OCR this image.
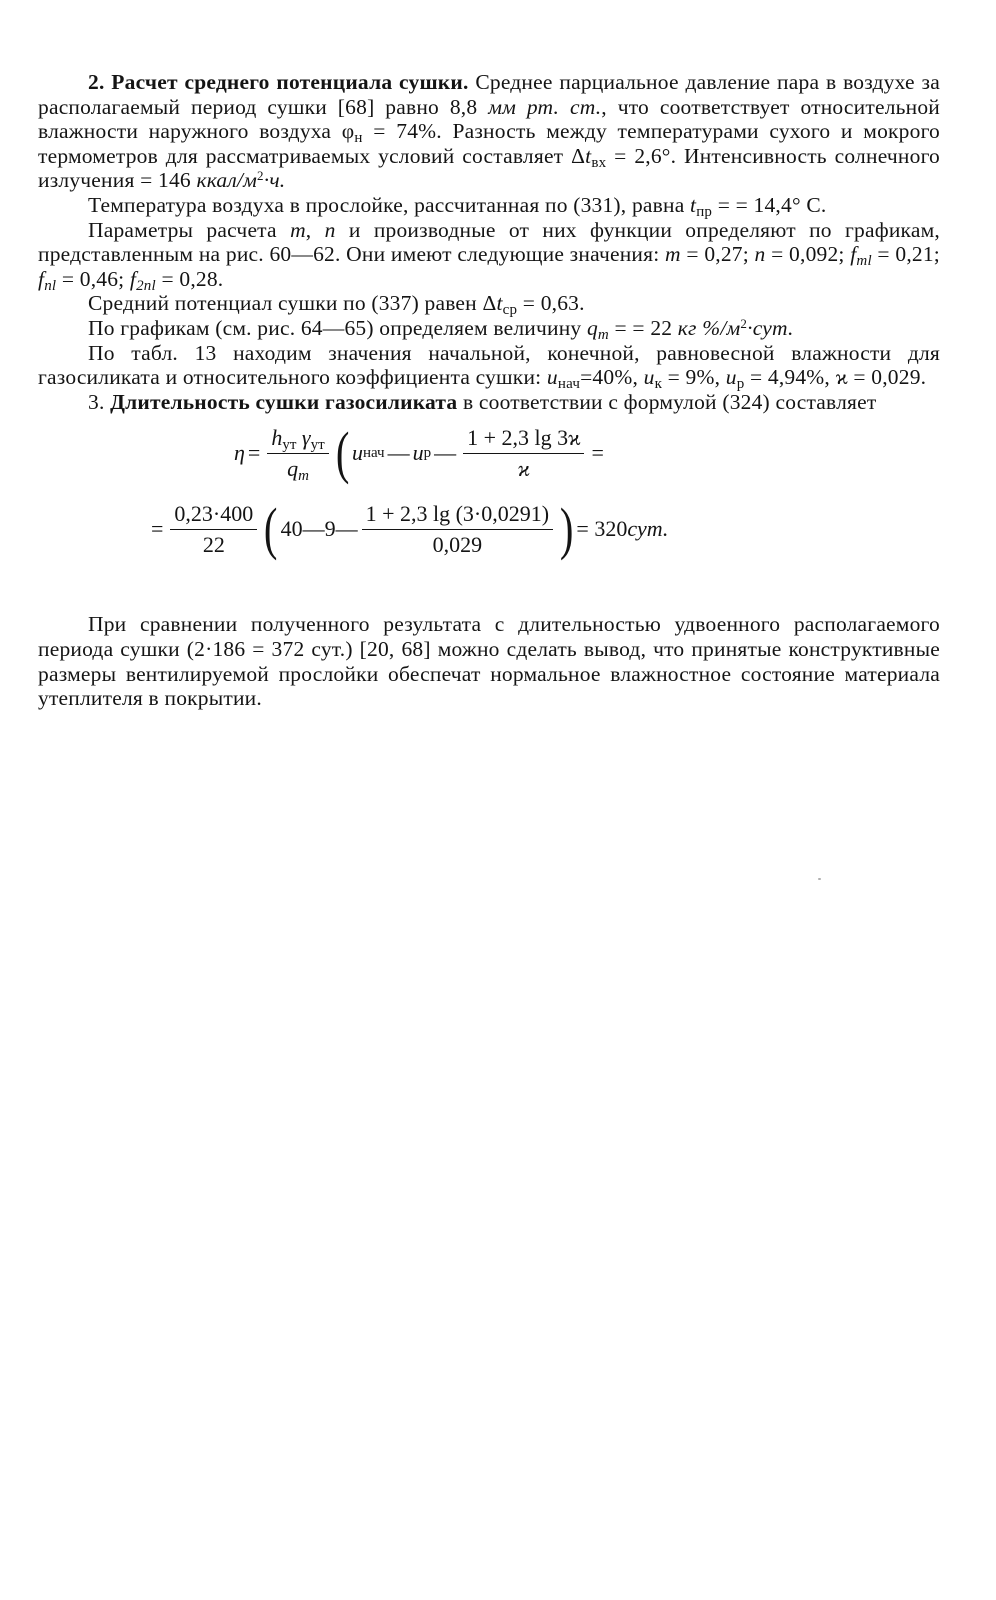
2. Расчет среднего потенциала сушки. Среднее парциальное давление пара в воздухе за располагаемый период сушки [68] равно 8,8 мм рт. ст., что соответствует относительной влажности наружного воздуха $\varphi_н = 74\%$. Разность между температурами сухого и мокрого термометров для рассматриваемых условий составляет $\Delta t_{вх} = 2,6^\circ$. Интенсивность солнечного излучения = 146 ккал/$м^2\cdot ч$.

Температура воздуха в прослойке, рассчитанная по (331), равна $t_{пр}$ = = 14,4° С.

Параметры расчета m, n и производные от них функции определяют по графикам, представленным на рис. 60—62. Они имеют следующие значения: m = 0,27; n = 0,092; $f_{ml} = 0,21$; $f_{nl} = 0,46$; $f_{2nl} = 0,28$.

Средний потенциал сушки по (337) равен $\Delta t_{ср} = 0,63$.

По графикам (см. рис. 64—65) определяем величину $q_m$ = = 22 кг $\%/м^2\cdot сут$.

По табл. 13 находим значения начальной, конечной, равновесной влажности для газосиликата и относительного коэффициента сушки: $u_{нач}=40\%$, $u_к = 9\%$, $u_р = 4,94\%$, ϰ = 0,029.

3. Длительность сушки газосиликата в соответствии с формулой (324) составляет

$\eta = \frac{h_{ут} \gamma_{ут}}{q_m}$ ( u нач — u р — $\frac{1 + 2,3 \lg 3ϰ}{ϰ}$ =
= $\frac{0,23\cdot 400}{22}$ ( 40—9— $\frac{1 + 2,3 \lg (3\cdot 0,0291)}{0,029}$ ) = 320 сут.

При сравнении полученного результата с длительностью удвоенного располагаемого периода сушки (2·186 = 372 сут.) [20, 68] можно сделать вывод, что принятые конструктивные размеры вентилируемой прослойки обеспечат нормальное влажностное состояние материала утеплителя в покрытии.
